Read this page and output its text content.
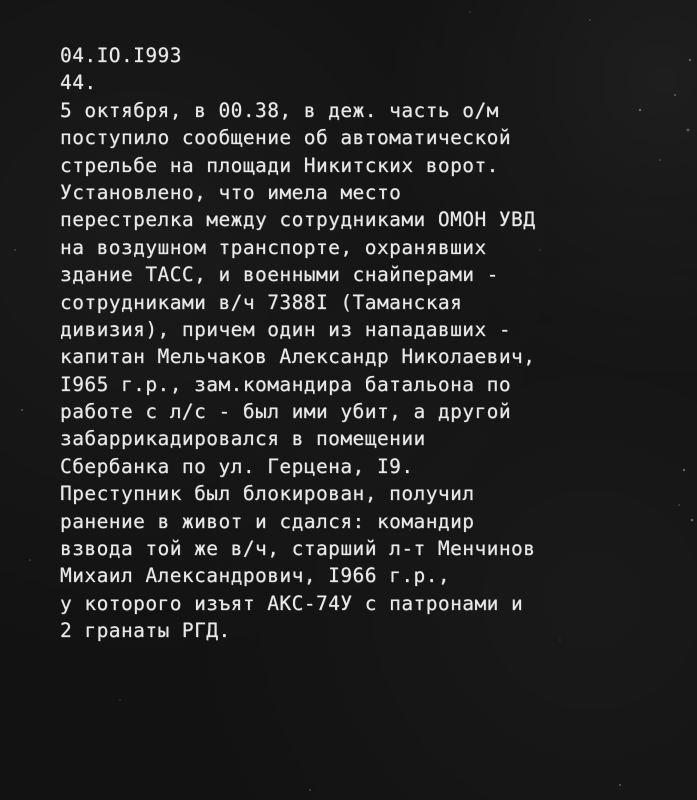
04.IO.I993
44.
5 октября, в 00.38, в деж. часть о/м
поступило сообщение об автоматической
стрельбе на площади Никитских ворот.
Установлено, что имела место
перестрелка между сотрудниками ОМОН УВД
на воздушном транспорте, охранявших
здание ТАСС, и военными снайперами -
сотрудниками в/ч 7388I (Таманская
дивизия), причем один из нападавших -
капитан Мельчаков Александр Николаевич,
I965 г.р., зам.командира батальона по
работе с л/с - был ими убит, а другой
забаррикадировался в помещении
Сбербанка по ул. Герцена, I9.
Преступник был блокирован, получил
ранение в живот и сдался: командир
взвода той же в/ч, старший л-т Менчинов
Михаил Александрович, I966 г.р.,
у которого изъят АКС-74У с патронами и
2 гранаты РГД.
